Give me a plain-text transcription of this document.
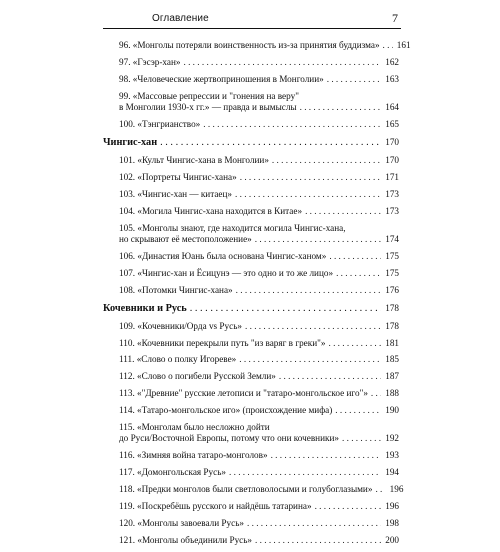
Оглавление	7
96. «Монголы потеряли воинственность из-за принятия буддизма» . . . 161
97. «Гэсэр-хан» . . .	162
98. «Человеческие жертвоприношения в Монголии» . . .	163
99. «Массовые репрессии и "гонения на веру"
в Монголии 1930-х гг.» — правда и вымыслы . . .	164
100. «Тэнгрианство» . . .	165
Чингис-хан . . .	170
101. «Культ Чингис-хана в Монголии» . . .	170
102. «Портреты Чингис-хана» . . .	171
103. «Чингис-хан — китаец» . . .	173
104. «Могила Чингис-хана находится в Китае» . . .	173
105. «Монголы знают, где находится могила Чингис-хана,
но скрывают её местоположение» . . .	174
106. «Династия Юань была основана Чингис-ханом» . . .	175
107. «Чингис-хан и Ёсицунэ — это одно и то же лицо» . . .	175
108. «Потомки Чингис-хана» . . .	176
Кочевники и Русь . . .	178
109. «Кочевники/Орда vs Русь» . . .	178
110. «Кочевники перекрыли путь "из варяг в греки"» . . .	181
111. «Слово о полку Игореве» . . .	185
112. «Слово о погибели Русской Земли» . . .	187
113. «"Древние" русские летописи и "татаро-монгольское иго"» . . . 188
114. «Татаро-монгольское иго» (происхождение мифа) . . .	190
115. «Монголам было несложно дойти
до Руси/Восточной Европы, потому что они кочевники» . . .	192
116. «Зимняя война татаро-монголов» . . .	193
117. «Домонгольская Русь» . . .	194
118. «Предки монголов были светловолосыми и голубоглазыми» . . . 196
119. «Поскребёшь русского и найдёшь татарина» . . .	196
120. «Монголы завоевали Русь» . . .	198
121. «Монголы объединили Русь» . . .	200
